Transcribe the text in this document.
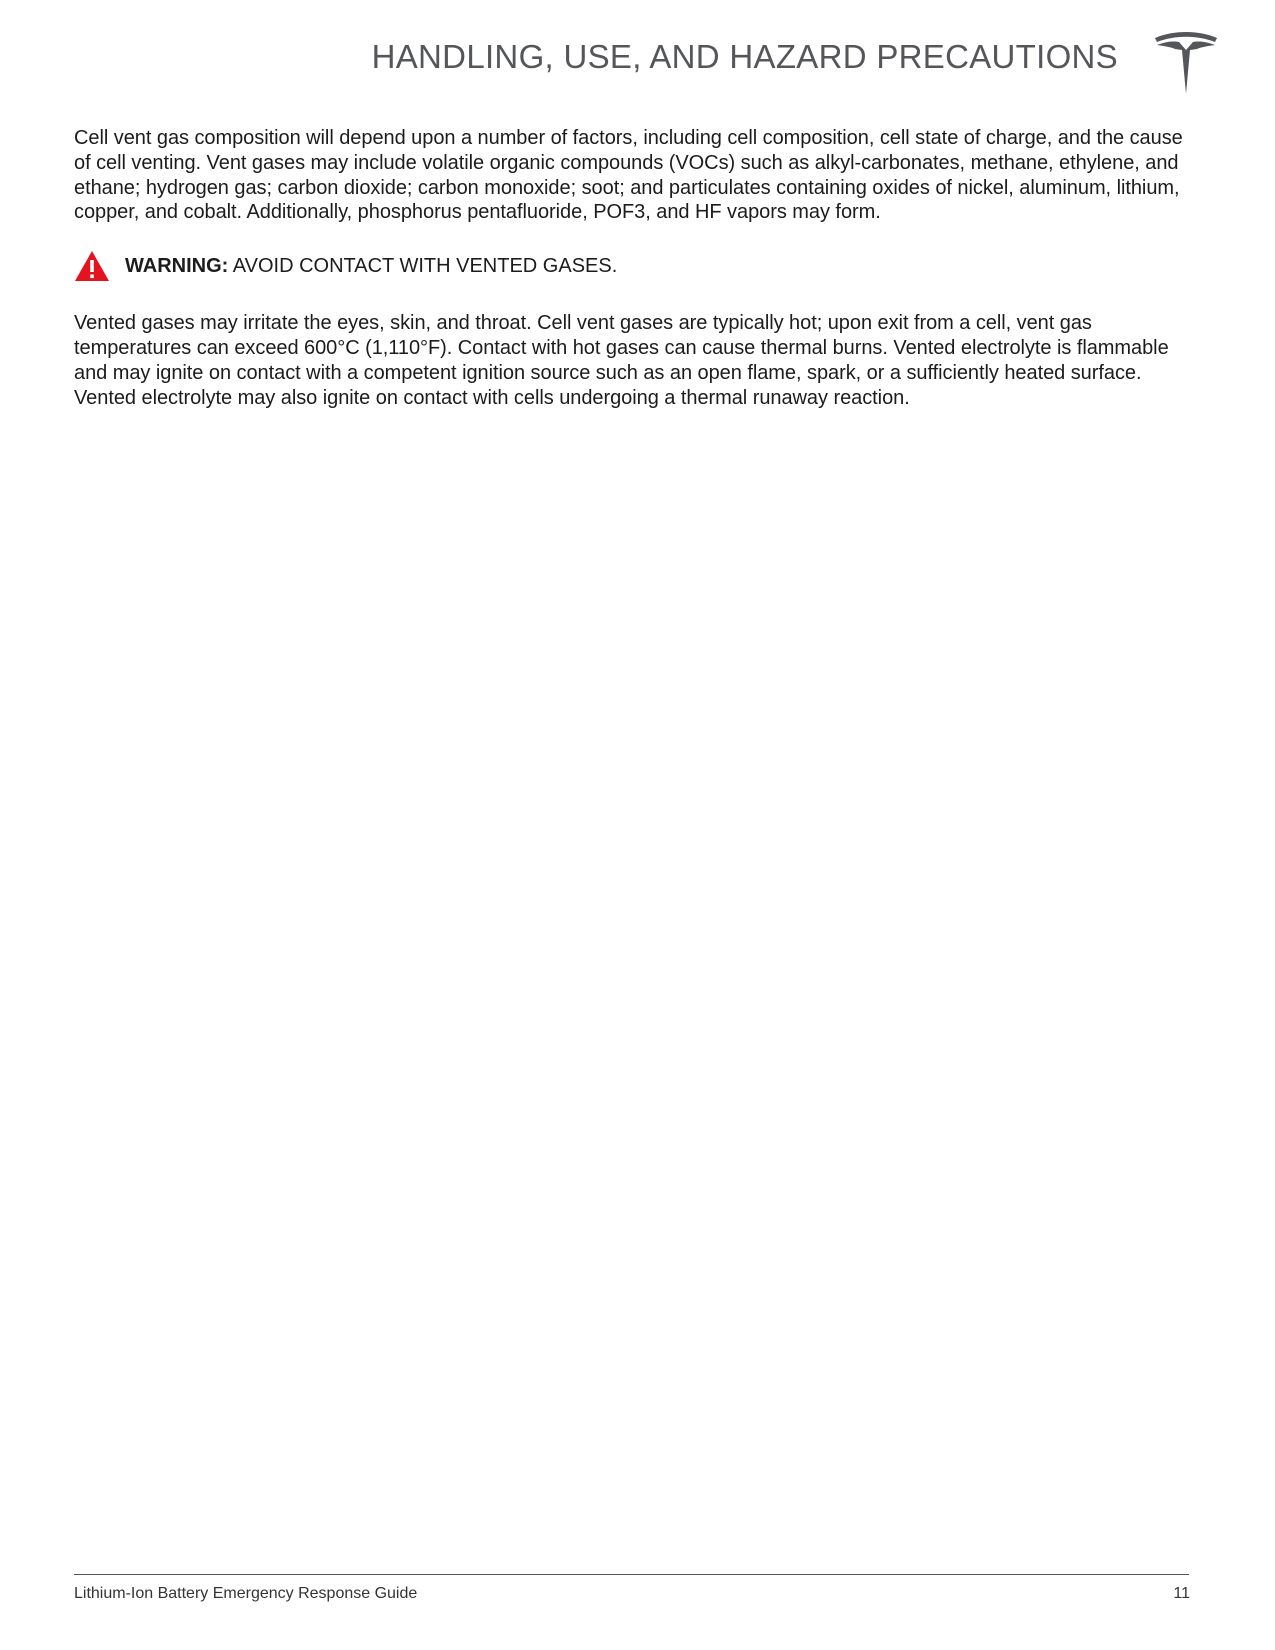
HANDLING, USE, AND HAZARD PRECAUTIONS

Cell vent gas composition will depend upon a number of factors, including cell composition, cell state of charge, and the cause of cell venting. Vent gases may include volatile organic compounds (VOCs) such as alkyl-carbonates, methane, ethylene, and ethane; hydrogen gas; carbon dioxide; carbon monoxide; soot; and particulates containing oxides of nickel, aluminum, lithium, copper, and cobalt. Additionally, phosphorus pentafluoride, POF3, and HF vapors may form.

WARNING: AVOID CONTACT WITH VENTED GASES.

Vented gases may irritate the eyes, skin, and throat. Cell vent gases are typically hot; upon exit from a cell, vent gas temperatures can exceed 600°C (1,110°F). Contact with hot gases can cause thermal burns. Vented electrolyte is flammable and may ignite on contact with a competent ignition source such as an open flame, spark, or a sufficiently heated surface. Vented electrolyte may also ignite on contact with cells undergoing a thermal runaway reaction.

Lithium-Ion Battery Emergency Response Guide	11
